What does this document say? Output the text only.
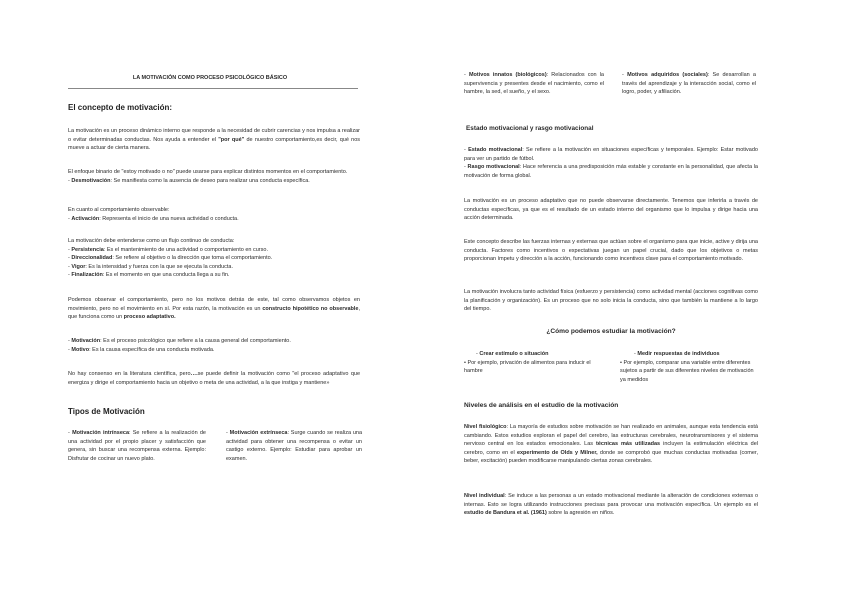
LA MOTIVACIÓN COMO PROCESO PSICOLÓGICO BÁSICO
El concepto de motivación:

La motivación es un proceso dinámico interno que responde a la necesidad de cubrir carencias y nos impulsa a realizar o evitar determinadas conductas. Nos ayuda a entender el "por qué" de nuestro comportamiento,es decir, qué nos mueve a actuar de cierta manera.

El enfoque binario de "estoy motivado o no" puede usarse para explicar distintos momentos en el comportamiento.

- Desmotivación: Se manifiesta como la ausencia de deseo para realizar una conducta específica.

En cuanto al comportamiento observable:

- Activación: Representa el inicio de una nueva actividad o conducta.

La motivación debe entenderse como un flujo continuo de conducta:

- Persistencia: Es el mantenimiento de una actividad o comportamiento en curso.

- Direccionalidad: Se refiere al objetivo o la dirección que toma el comportamiento.

- Vigor: Es la intensidad y fuerza con la que se ejecuta la conducta.

- Finalización: Es el momento en que una conducta llega a su fin.

Podemos observar el comportamiento, pero no los motivos detrás de este, tal como observamos objetos en movimiento, pero no el movimiento en sí. Por esta razón, la motivación es un constructo hipotético no observable, que funciona como un proceso adaptativo.

- Motivación: Es el proceso psicológico que refiere a la causa general del comportamiento.

- Motivo: Es la causa específica de una conducta motivada.

No hay consenso en la literatura científica, pero….se puede definir la motivación como "el proceso adaptativo que energiza y dirige el comportamiento hacia un objetivo o meta de una actividad, a la que instiga y mantiene»

Tipos de Motivación

- Motivación intrínseca: Se refiere a la realización de una actividad por el propio placer y satisfacción que genera, sin buscar una recompensa externa. Ejemplo: Disfrutar de cocinar un nuevo plato.

- Motivación extrínseca: Surge cuando se realiza una actividad para obtener una recompensa o evitar un castigo externo. Ejemplo: Estudiar para aprobar un examen.

- Motivos innatos (biológicos): Relacionados con la supervivencia y presentes desde el nacimiento, como el hambre, la sed, el sueño, y el sexo.

- Motivos adquiridos (sociales): Se desarrollan a través del aprendizaje y la interacción social, como el logro, poder, y afiliación.

Estado motivacional y rasgo motivacional

- Estado motivacional: Se refiere a la motivación en situaciones específicas y temporales. Ejemplo: Estar motivado para ver un partido de fútbol.

- Rasgo motivacional: Hace referencia a una predisposición más estable y constante en la personalidad, que afecta la motivación de forma global.

La motivación es un proceso adaptativo que no puede observarse directamente. Tenemos que inferirla a través de conductas específicas, ya que es el resultado de un estado interno del organismo que lo impulsa y dirige hacia una acción determinada.

Este concepto describe las fuerzas internas y externas que actúan sobre el organismo para que inicie, active y dirija una conducta. Factores como incentivos o expectativas juegan un papel crucial, dado que los objetivos o metas proporcionan ímpetu y dirección a la acción, funcionando como incentivos clave para el comportamiento motivado.

La motivación involucra tanto actividad física (esfuerzo y persistencia) como actividad mental (acciones cognitivas como la planificación y organización). Es un proceso que no solo inicia la conducta, sino que también la mantiene a lo largo del tiempo.

¿Cómo podemos estudiar la motivación?

- Crear estímulo o situación

• Por ejemplo, privación de alimentos para inducir el hambre

- Medir respuestas de individuos

• Por ejemplo, comparar una variable entre diferentes sujetos a partir de sus diferentes niveles de motivación ya medidos

Niveles de análisis en el estudio de la motivación

Nivel fisiológico: La mayoría de estudios sobre motivación se han realizado en animales, aunque esta tendencia está cambiando. Estos estudios exploran el papel del cerebro, las estructuras cerebrales, neurotransmisores y el sistema nervioso central en los estados emocionales. Las técnicas más utilizadas incluyen la estimulación eléctrica del cerebro, como en el experimento de Olds y Milner, donde se comprobó que muchas conductas motivadas (comer, beber, excitación) pueden modificarse manipulando ciertas zonas cerebrales.

Nivel individual: Se induce a las personas a un estado motivacional mediante la alteración de condiciones externas o internas. Esto se logra utilizando instrucciones precisas para provocar una motivación específica. Un ejemplo es el estudio de Bandura et al. (1961) sobre la agresión en niños.
